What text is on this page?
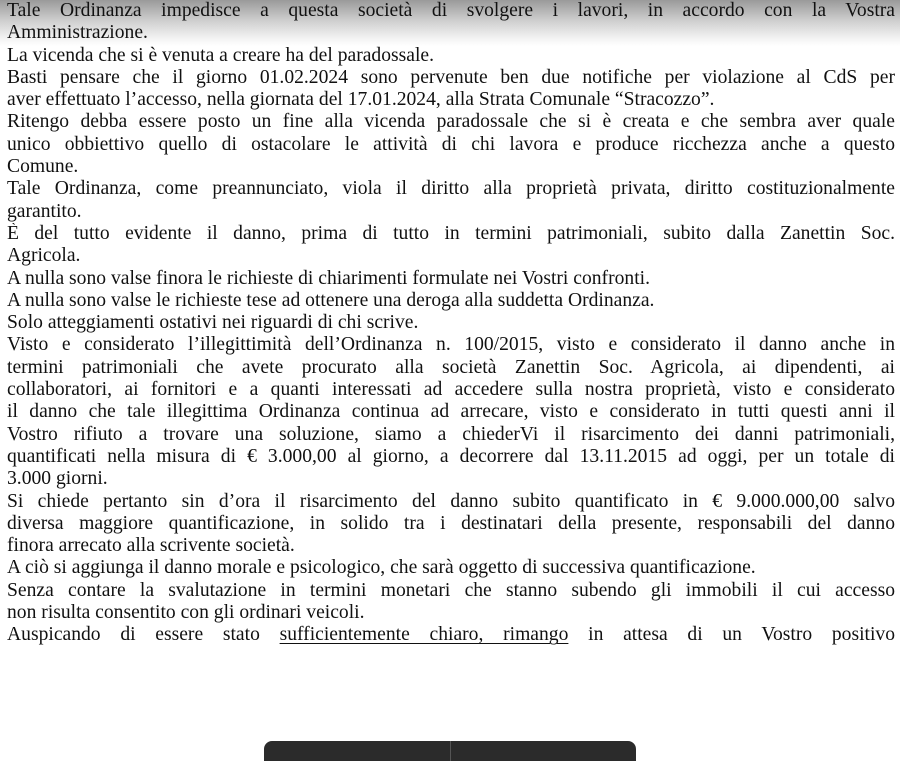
Tale Ordinanza impedisce a questa società di svolgere i lavori, in accordo con la Vostra
Amministrazione.
La vicenda che si è venuta a creare ha del paradossale.
Basti pensare che il giorno 01.02.2024 sono pervenute ben due notifiche per violazione al CdS per
aver effettuato l’accesso, nella giornata del 17.01.2024, alla Strata Comunale “Stracozzo”.
Ritengo debba essere posto un fine alla vicenda paradossale che si è creata e che sembra aver quale
unico obbiettivo quello di ostacolare le attività di chi lavora e produce ricchezza anche a questo
Comune.
Tale Ordinanza, come preannunciato, viola il diritto alla proprietà privata, diritto costituzionalmente
garantito.
È del tutto evidente il danno, prima di tutto in termini patrimoniali, subito dalla Zanettin Soc.
Agricola.
A nulla sono valse finora le richieste di chiarimenti formulate nei Vostri confronti.
A nulla sono valse le richieste tese ad ottenere una deroga alla suddetta Ordinanza.
Solo atteggiamenti ostativi nei riguardi di chi scrive.
Visto e considerato l’illegittimità dell’Ordinanza n. 100/2015, visto e considerato il danno anche in
termini patrimoniali che avete procurato alla società Zanettin Soc. Agricola, ai dipendenti, ai
collaboratori, ai fornitori e a quanti interessati ad accedere sulla nostra proprietà, visto e considerato
il danno che tale illegittima Ordinanza continua ad arrecare, visto e considerato in tutti questi anni il
Vostro rifiuto a trovare una soluzione, siamo a chiederVi il risarcimento dei danni patrimoniali,
quantificati nella misura di € 3.000,00 al giorno, a decorrere dal 13.11.2015 ad oggi, per un totale di
3.000 giorni.
Si chiede pertanto sin d’ora il risarcimento del danno subito quantificato in € 9.000.000,00 salvo
diversa maggiore quantificazione, in solido tra i destinatari della presente, responsabili del danno
finora arrecato alla scrivente società.
A ciò si aggiunga il danno morale e psicologico, che sarà oggetto di successiva quantificazione.
Senza contare la svalutazione in termini monetari che stanno subendo gli immobili il cui accesso
non risulta consentito con gli ordinari veicoli.
Auspicando di essere stato sufficientemente chiaro, rimango in attesa di un Vostro positivo
